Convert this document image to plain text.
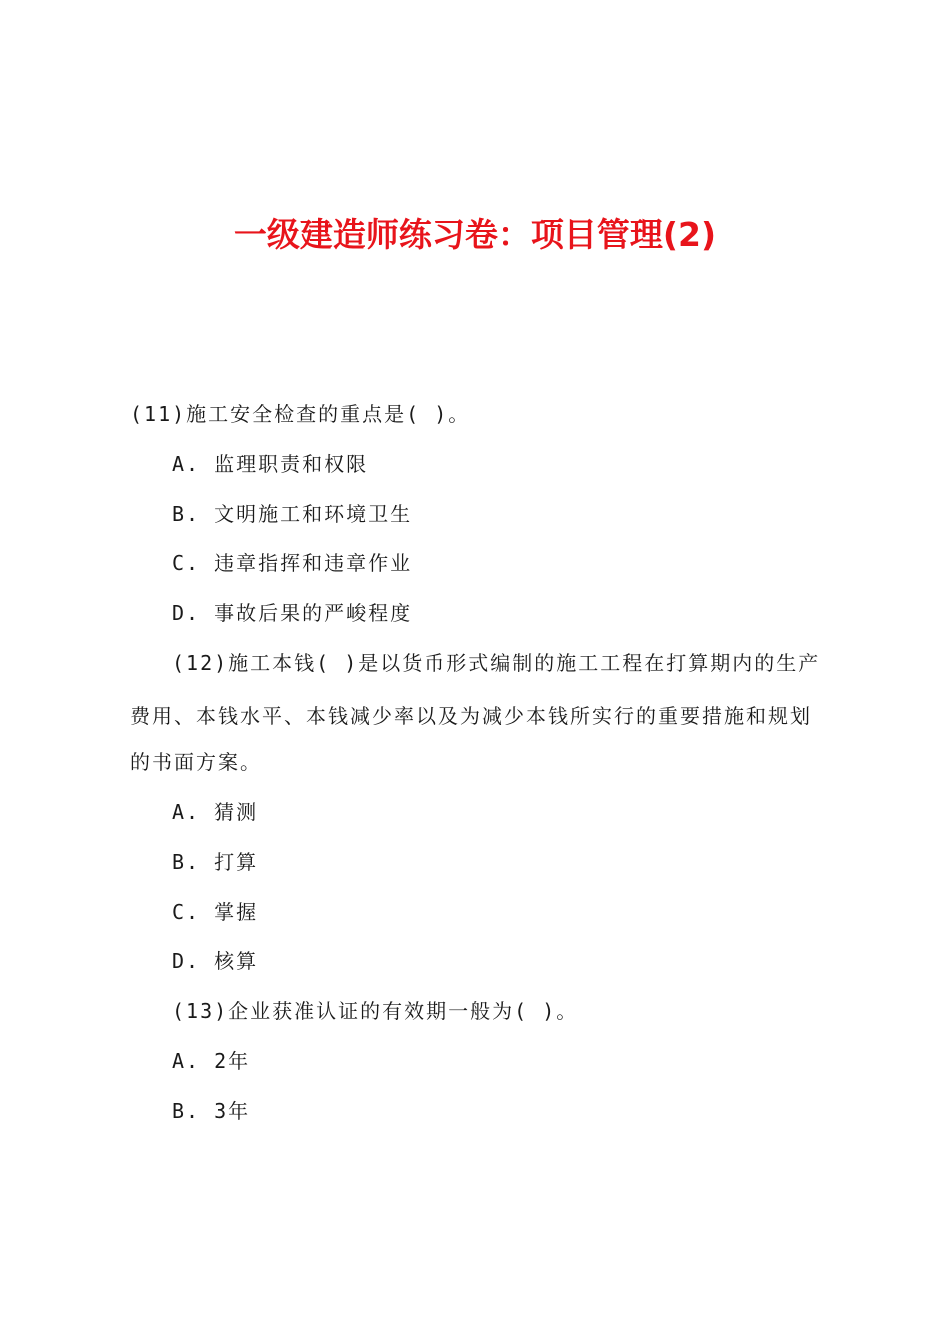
一级建造师练习卷：项目管理(2)
(11)施工安全检查的重点是( )。
A. 监理职责和权限
B. 文明施工和环境卫生
C. 违章指挥和违章作业
D. 事故后果的严峻程度
(12)施工本钱( )是以货币形式编制的施工工程在打算期内的生产
费用、本钱水平、本钱减少率以及为减少本钱所实行的重要措施和规划
的书面方案。
A. 猜测
B. 打算
C. 掌握
D. 核算
(13)企业获准认证的有效期一般为( )。
A. 2年
B. 3年
